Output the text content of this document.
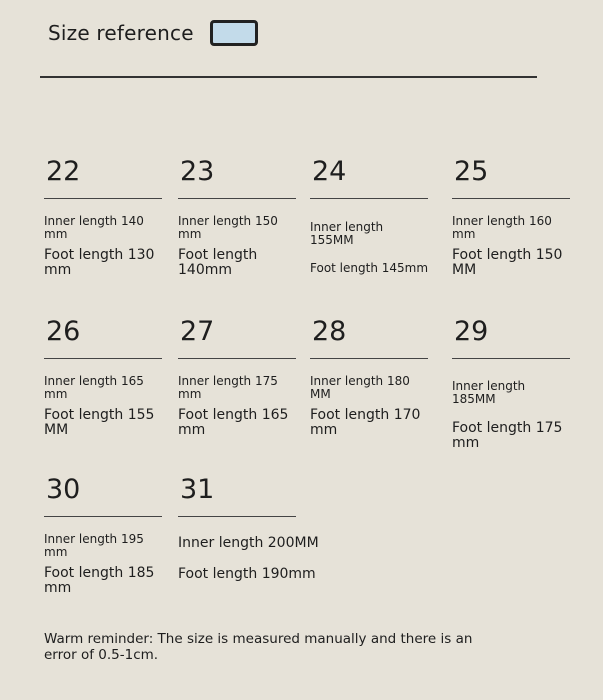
Size reference
22
Inner length 140 mm
Foot length 130 mm
23
Inner length 150 mm
Foot length 140mm
24
Inner length 155MM
Foot length 145mm
25
Inner length 160 mm
Foot length 150 MM
26
Inner length 165 mm
Foot length 155 MM
27
Inner length 175 mm
Foot length 165 mm
28
Inner length 180 MM
Foot length 170 mm
29
Inner length 185MM
Foot length 175 mm
30
Inner length 195 mm
Foot length 185 mm
31
Inner length 200MM
Foot length 190mm
Warm reminder: The size is measured manually and there is an error of 0.5-1cm.
